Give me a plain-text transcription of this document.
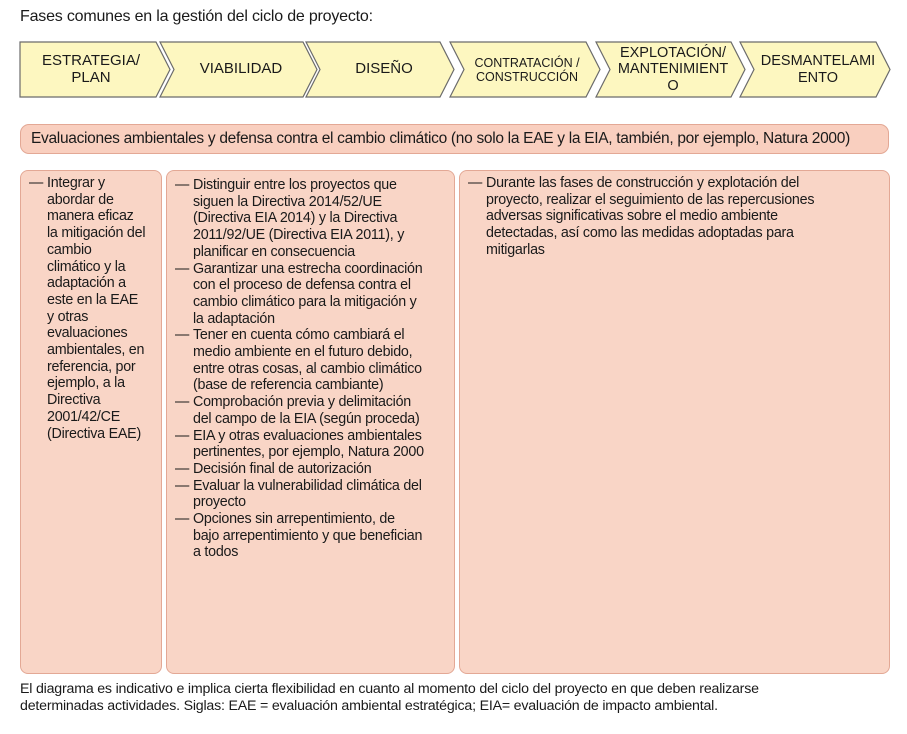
Fases comunes en la gestión del ciclo de proyecto:
ESTRATEGIA/
PLAN	VIABILIDAD	DISEÑO	CONTRATACIÓN /
CONSTRUCCIÓN
EXPLOTACIÓN/
MANTENIMIENT
O
DESMANTELAMI
ENTO
Evaluaciones ambientales y defensa contra el cambio climático (no solo la EAE y la EIA, también, por ejemplo, Natura 2000)
— Integrar y
abordar de
manera eficaz
la mitigación del
cambio
climático y la
adaptación a
este en la EAE
y otras
evaluaciones
ambientales, en
referencia, por
ejemplo, a la
Directiva
2001/42/CE
(Directiva EAE)
— Distinguir entre los proyectos que
siguen la Directiva 2014/52/UE
(Directiva EIA 2014) y la Directiva
2011/92/UE (Directiva EIA 2011), y
planificar en consecuencia
— Garantizar una estrecha coordinación
con el proceso de defensa contra el
cambio climático para la mitigación y
la adaptación
— Tener en cuenta cómo cambiará el
medio ambiente en el futuro debido,
entre otras cosas, al cambio climático
(base de referencia cambiante)
— Comprobación previa y delimitación
del campo de la EIA (según proceda)
— EIA y otras evaluaciones ambientales
pertinentes, por ejemplo, Natura 2000
— Decisión final de autorización
— Evaluar la vulnerabilidad climática del
proyecto
— Opciones sin arrepentimiento, de
bajo arrepentimiento y que benefician
a todos
— Durante las fases de construcción y explotación del
proyecto, realizar el seguimiento de las repercusiones
adversas significativas sobre el medio ambiente
detectadas, así como las medidas adoptadas para
mitigarlas
El diagrama es indicativo e implica cierta flexibilidad en cuanto al momento del ciclo del proyecto en que deben realizarse
determinadas actividades. Siglas: EAE = evaluación ambiental estratégica; EIA= evaluación de impacto ambiental.
